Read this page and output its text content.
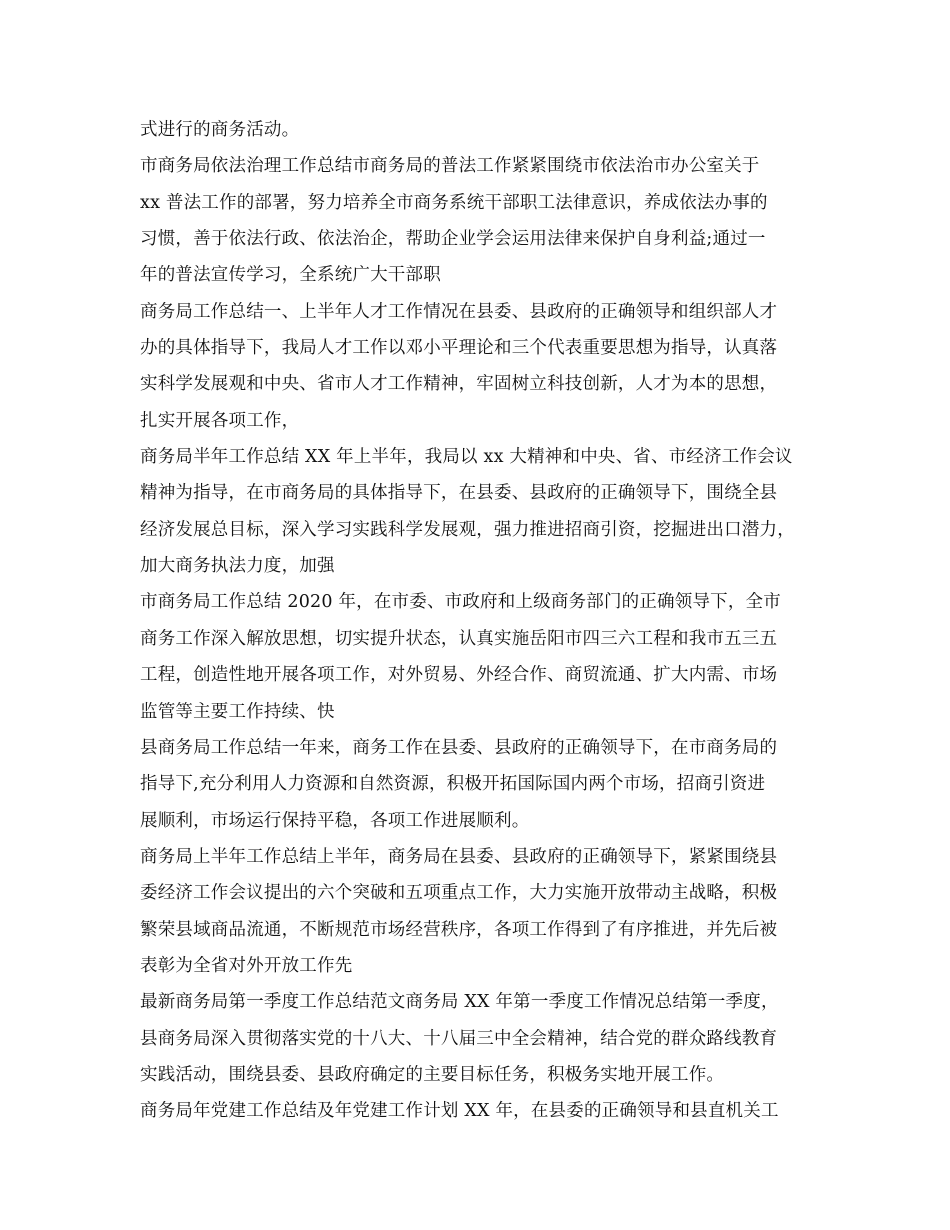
式进行的商务活动。
市商务局依法治理工作总结市商务局的普法工作紧紧围绕市依法治市办公室关于
xx 普法工作的部署，努力培养全市商务系统干部职工法律意识，养成依法办事的
习惯，善于依法行政、依法治企，帮助企业学会运用法律来保护自身利益;通过一
年的普法宣传学习，全系统广大干部职
商务局工作总结一、上半年人才工作情况在县委、县政府的正确领导和组织部人才
办的具体指导下，我局人才工作以邓小平理论和三个代表重要思想为指导，认真落
实科学发展观和中央、省市人才工作精神，牢固树立科技创新，人才为本的思想，
扎实开展各项工作，
商务局半年工作总结 XX 年上半年，我局以 xx 大精神和中央、省、市经济工作会议
精神为指导，在市商务局的具体指导下，在县委、县政府的正确领导下，围绕全县
经济发展总目标，深入学习实践科学发展观，强力推进招商引资，挖掘进出口潜力，
加大商务执法力度，加强
市商务局工作总结 2020 年，在市委、市政府和上级商务部门的正确领导下，全市
商务工作深入解放思想，切实提升状态，认真实施岳阳市四三六工程和我市五三五
工程，创造性地开展各项工作，对外贸易、外经合作、商贸流通、扩大内需、市场
监管等主要工作持续、快
县商务局工作总结一年来，商务工作在县委、县政府的正确领导下，在市商务局的
指导下,充分利用人力资源和自然资源，积极开拓国际国内两个市场，招商引资进
展顺利，市场运行保持平稳，各项工作进展顺利。
商务局上半年工作总结上半年，商务局在县委、县政府的正确领导下，紧紧围绕县
委经济工作会议提出的六个突破和五项重点工作，大力实施开放带动主战略，积极
繁荣县域商品流通，不断规范市场经营秩序，各项工作得到了有序推进，并先后被
表彰为全省对外开放工作先
最新商务局第一季度工作总结范文商务局 XX 年第一季度工作情况总结第一季度，
县商务局深入贯彻落实党的十八大、十八届三中全会精神，结合党的群众路线教育
实践活动，围绕县委、县政府确定的主要目标任务，积极务实地开展工作。
商务局年党建工作总结及年党建工作计划 XX 年，在县委的正确领导和县直机关工
